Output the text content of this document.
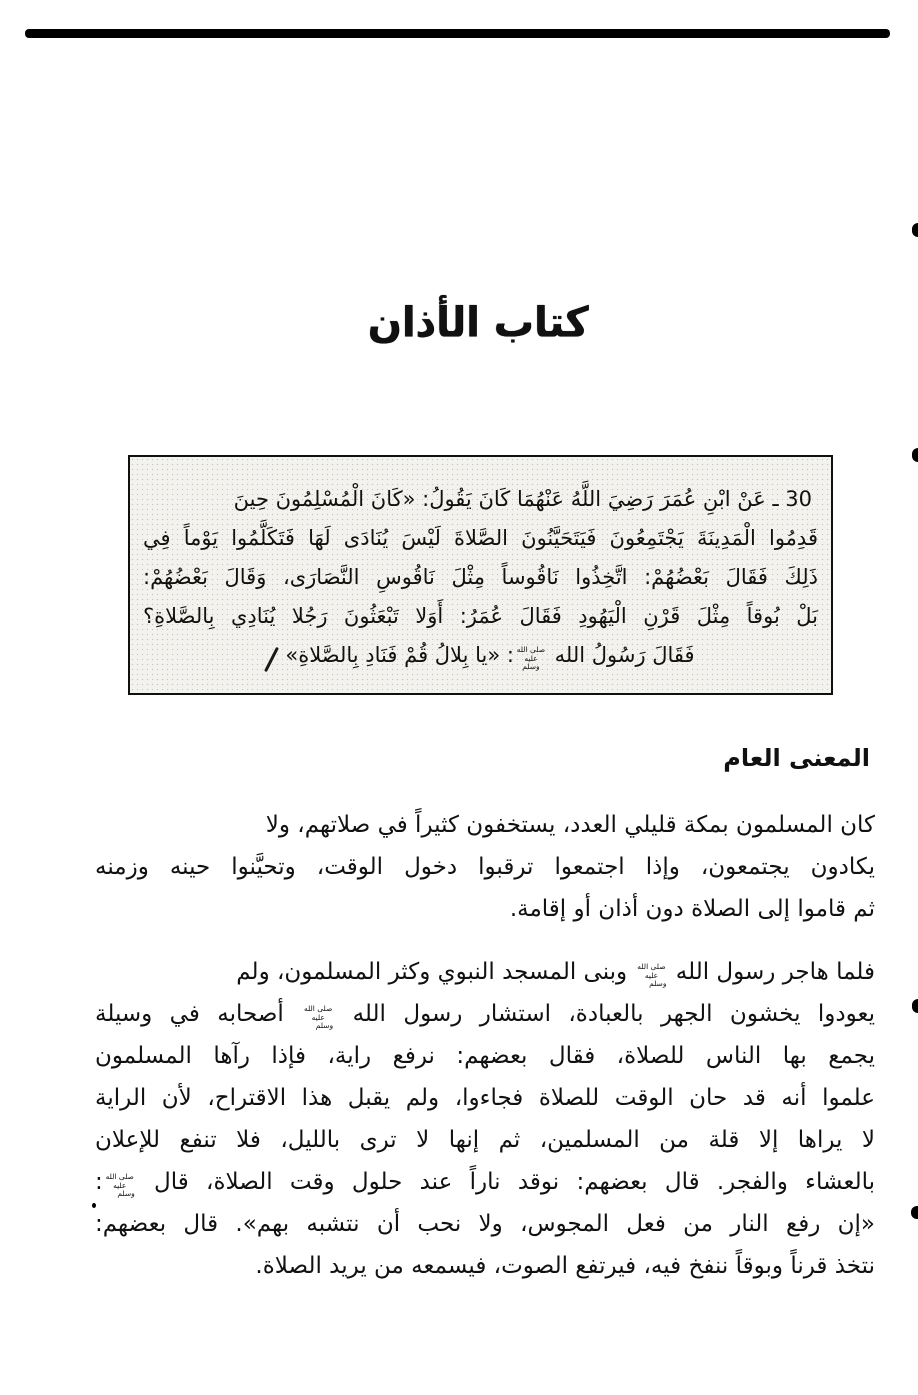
كتاب الأذان
30 ـ عَنْ ابْنِ عُمَرَ رَضِيَ اللَّهُ عَنْهُمَا كَانَ يَقُولُ: «كَانَ الْمُسْلِمُونَ حِينَ
قَدِمُوا الْمَدِينَةَ يَجْتَمِعُونَ فَيَتَحَيَّنُونَ الصَّلاةَ لَيْسَ يُنَادَى لَهَا فَتَكَلَّمُوا يَوْماً فِي
ذَلِكَ فَقَالَ بَعْضُهُمْ: اتَّخِذُوا نَاقُوساً مِثْلَ نَاقُوسِ النَّصَارَى، وَقَالَ بَعْضُهُمْ:
بَلْ بُوقاً مِثْلَ قَرْنِ الْيَهُودِ فَقَالَ عُمَرُ: أَوَلا تَبْعَثُونَ رَجُلا يُنَادِي بِالصَّلاةِ؟
فَقَالَ رَسُولُ الله صلى الله عليه وسلم: «يا بِلالُ قُمْ فَنَادِ بِالصَّلاةِ»
المعنى العام
كان المسلمون بمكة قليلي العدد، يستخفون كثيراً في صلاتهم، ولا
يكادون يجتمعون، وإذا اجتمعوا ترقبوا دخول الوقت، وتحيَّنوا حينه وزمنه
ثم قاموا إلى الصلاة دون أذان أو إقامة.
فلما هاجر رسول الله صلى الله عليه وسلم وبنى المسجد النبوي وكثر المسلمون، ولم
يعودوا يخشون الجهر بالعبادة، استشار رسول الله صلى الله عليه وسلم أصحابه في وسيلة
يجمع بها الناس للصلاة، فقال بعضهم: نرفع راية، فإذا رآها المسلمون
علموا أنه قد حان الوقت للصلاة فجاءوا، ولم يقبل هذا الاقتراح، لأن الراية
لا يراها إلا قلة من المسلمين، ثم إنها لا ترى بالليل، فلا تنفع للإعلان
بالعشاء والفجر. قال بعضهم: نوقد ناراً عند حلول وقت الصلاة، قال صلى الله عليه وسلم:
«إن رفع النار من فعل المجوس، ولا نحب أن نتشبه بهم». قال بعضهم:
نتخذ قرناً وبوقاً ننفخ فيه، فيرتفع الصوت، فيسمعه من يريد الصلاة.
